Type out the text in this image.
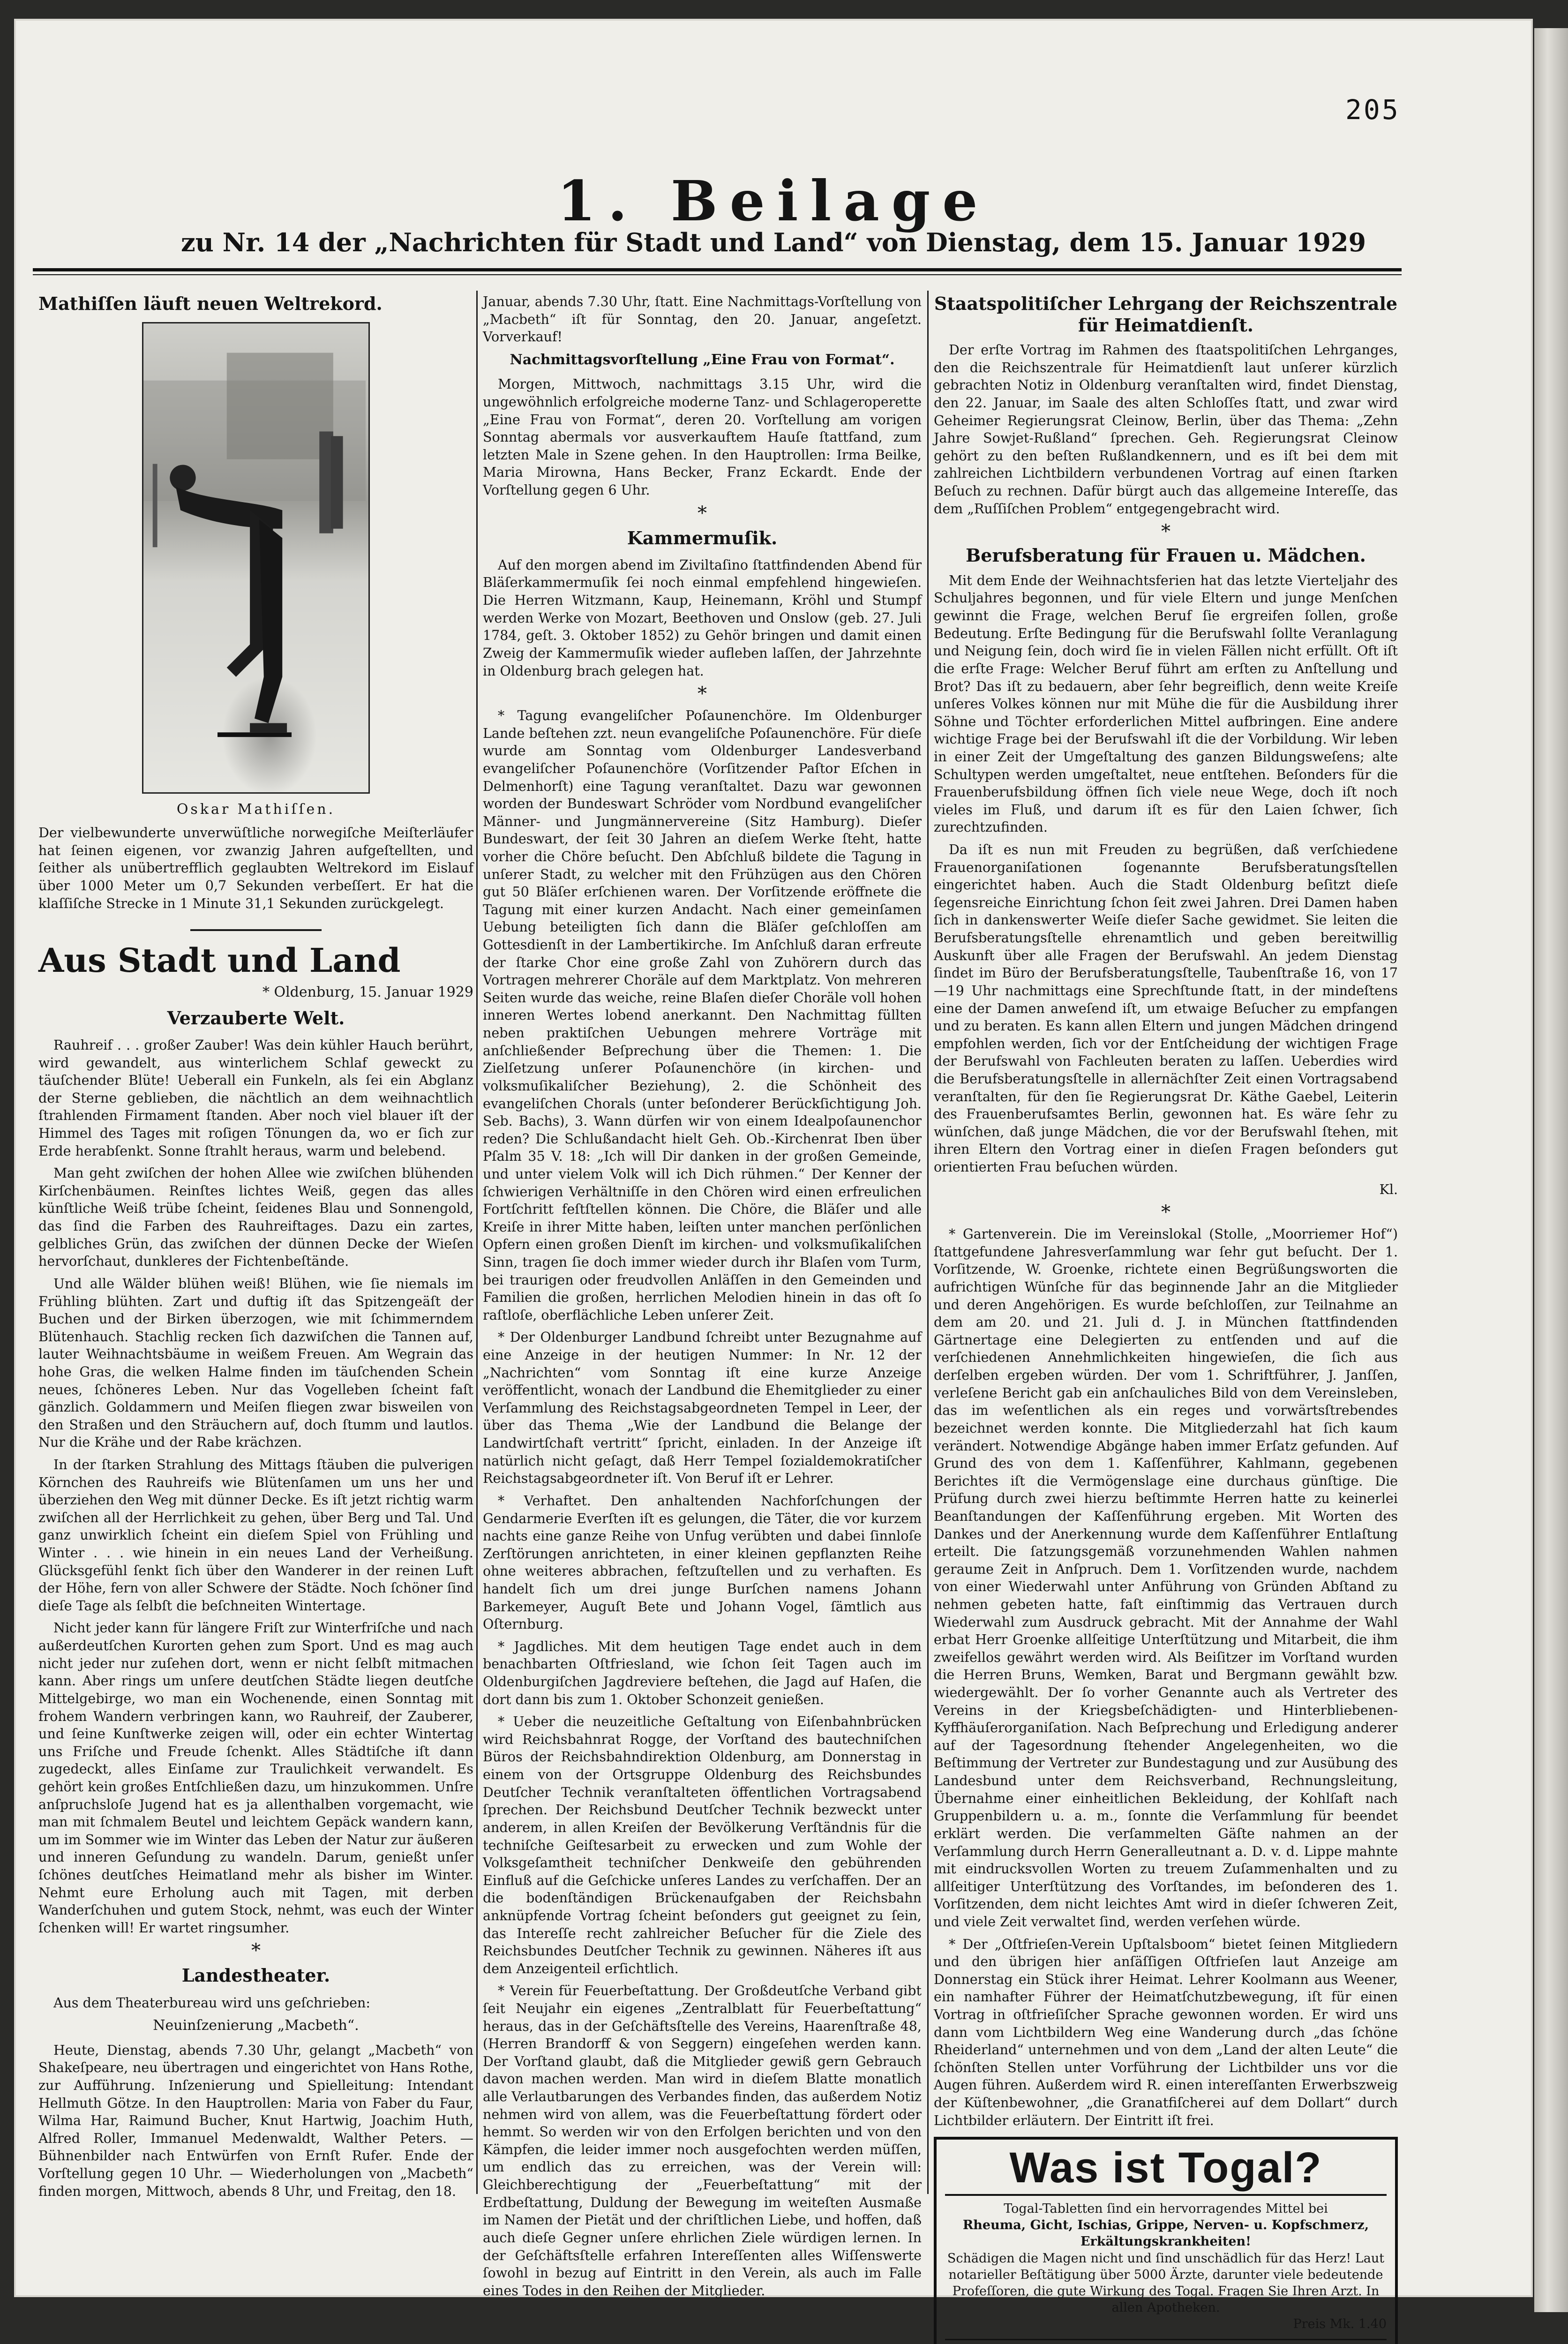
205
1. Beilage
zu Nr. 14 der „Nachrichten für Stadt und Land“ von Dienstag, dem 15. Januar 1929
Mathiſſen läuft neuen Weltrekord.
Oskar Mathiſſen.
Der vielbewunderte unverwüſtliche norwegiſche Meiſterläufer hat ſeinen eigenen, vor zwanzig Jahren aufgeſtellten, und ſeither als unübertrefflich geglaubten Weltrekord im Eislauf über 1000 Meter um 0,7 Sekunden verbeſſert. Er hat die klaſſiſche Strecke in 1 Minute 31,1 Sekunden zurückgelegt.
Aus Stadt und Land
* Oldenburg, 15. Januar 1929
Verzauberte Welt.
Rauhreif . . . großer Zauber! Was dein kühler Hauch berührt, wird gewandelt, aus winterlichem Schlaf geweckt zu täuſchender Blüte! Ueberall ein Funkeln, als ſei ein Abglanz der Sterne geblieben, die nächtlich an dem weihnachtlich ſtrahlenden Firmament ſtanden. Aber noch viel blauer iſt der Himmel des Tages mit roſigen Tönungen da, wo er ſich zur Erde herabſenkt. Sonne ſtrahlt heraus, warm und belebend.
Man geht zwiſchen der hohen Allee wie zwiſchen blühenden Kirſchenbäumen. Reinſtes lichtes Weiß, gegen das alles künſtliche Weiß trübe ſcheint, ſeidenes Blau und Sonnengold, das ſind die Farben des Rauhreiftages. Dazu ein zartes, gelbliches Grün, das zwiſchen der dünnen Decke der Wieſen hervorſchaut, dunkleres der Fichtenbeſtände.
Und alle Wälder blühen weiß! Blühen, wie ſie niemals im Frühling blühten. Zart und duftig iſt das Spitzengeäſt der Buchen und der Birken überzogen, wie mit ſchimmerndem Blütenhauch. Stachlig recken ſich dazwiſchen die Tannen auf, lauter Weihnachtsbäume in weißem Freuen. Am Wegrain das hohe Gras, die welken Halme finden im täuſchenden Schein neues, ſchöneres Leben. Nur das Vogelleben ſcheint faſt gänzlich. Goldammern und Meiſen fliegen zwar bisweilen von den Straßen und den Sträuchern auf, doch ſtumm und lautlos. Nur die Krähe und der Rabe krächzen.
In der ſtarken Strahlung des Mittags ſtäuben die pulverigen Körnchen des Rauhreifs wie Blütenſamen um uns her und überziehen den Weg mit dünner Decke. Es iſt jetzt richtig warm zwiſchen all der Herrlichkeit zu gehen, über Berg und Tal. Und ganz unwirklich ſcheint ein dieſem Spiel von Frühling und Winter . . . wie hinein in ein neues Land der Verheißung. Glücksgefühl ſenkt ſich über den Wanderer in der reinen Luft der Höhe, fern von aller Schwere der Städte. Noch ſchöner ſind dieſe Tage als ſelbſt die beſchneiten Wintertage.
Nicht jeder kann für längere Friſt zur Winterfriſche und nach außerdeutſchen Kurorten gehen zum Sport. Und es mag auch nicht jeder nur zuſehen dort, wenn er nicht ſelbſt mitmachen kann. Aber rings um unſere deutſchen Städte liegen deutſche Mittelgebirge, wo man ein Wochenende, einen Sonntag mit frohem Wandern verbringen kann, wo Rauhreif, der Zauberer, und ſeine Kunſtwerke zeigen will, oder ein echter Wintertag uns Friſche und Freude ſchenkt. Alles Städtiſche iſt dann zugedeckt, alles Einſame zur Traulichkeit verwandelt. Es gehört kein großes Entſchließen dazu, um hinzukommen. Unſre anſpruchsloſe Jugend hat es ja allenthalben vorgemacht, wie man mit ſchmalem Beutel und leichtem Gepäck wandern kann, um im Sommer wie im Winter das Leben der Natur zur äußeren und inneren Geſundung zu wandeln. Darum, genießt unſer ſchönes deutſches Heimatland mehr als bisher im Winter. Nehmt eure Erholung auch mit Tagen, mit derben Wanderſchuhen und gutem Stock, nehmt, was euch der Winter ſchenken will! Er wartet ringsumher.
*
Landestheater.
Aus dem Theaterbureau wird uns geſchrieben:
Neuinſzenierung „Macbeth“.
Heute, Dienstag, abends 7.30 Uhr, gelangt „Macbeth“ von Shakeſpeare, neu übertragen und eingerichtet von Hans Rothe, zur Aufführung. Inſzenierung und Spielleitung: Intendant Hellmuth Götze. In den Hauptrollen: Maria von Faber du Faur, Wilma Har, Raimund Bucher, Knut Hartwig, Joachim Huth, Alfred Roller, Immanuel Medenwaldt, Walther Peters. — Bühnenbilder nach Entwürfen von Ernſt Rufer. Ende der Vorſtellung gegen 10 Uhr. — Wiederholungen von „Macbeth“ finden morgen, Mittwoch, abends 8 Uhr, und Freitag, den 18.
Januar, abends 7.30 Uhr, ſtatt. Eine Nachmittags-Vorſtellung von „Macbeth“ iſt für Sonntag, den 20. Januar, angeſetzt. Vorverkauf!
Nachmittagsvorſtellung „Eine Frau von Format“.
Morgen, Mittwoch, nachmittags 3.15 Uhr, wird die ungewöhnlich erfolgreiche moderne Tanz- und Schlageroperette „Eine Frau von Format“, deren 20. Vorſtellung am vorigen Sonntag abermals vor ausverkauftem Hauſe ſtattfand, zum letzten Male in Szene gehen. In den Hauptrollen: Irma Beilke, Maria Mirowna, Hans Becker, Franz Eckardt. Ende der Vorſtellung gegen 6 Uhr.
*
Kammermuſik.
Auf den morgen abend im Ziviltaſino ſtattfindenden Abend für Bläſerkammermuſik ſei noch einmal empfehlend hingewieſen. Die Herren Witzmann, Kaup, Heinemann, Kröhl und Stumpf werden Werke von Mozart, Beethoven und Onslow (geb. 27. Juli 1784, geſt. 3. Oktober 1852) zu Gehör bringen und damit einen Zweig der Kammermuſik wieder aufleben laſſen, der Jahrzehnte in Oldenburg brach gelegen hat.
*
* Tagung evangeliſcher Poſaunenchöre. Im Oldenburger Lande beſtehen zzt. neun evangeliſche Poſaunenchöre. Für dieſe wurde am Sonntag vom Oldenburger Landesverband evangeliſcher Poſaunenchöre (Vorſitzender Paſtor Eſchen in Delmenhorſt) eine Tagung veranſtaltet. Dazu war gewonnen worden der Bundeswart Schröder vom Nordbund evangeliſcher Männer- und Jungmännervereine (Sitz Hamburg). Dieſer Bundeswart, der ſeit 30 Jahren an dieſem Werke ſteht, hatte vorher die Chöre beſucht. Den Abſchluß bildete die Tagung in unſerer Stadt, zu welcher mit den Frühzügen aus den Chören gut 50 Bläſer erſchienen waren. Der Vorſitzende eröffnete die Tagung mit einer kurzen Andacht. Nach einer gemeinſamen Uebung beteiligten ſich dann die Bläſer geſchloſſen am Gottesdienſt in der Lambertikirche. Im Anſchluß daran erfreute der ſtarke Chor eine große Zahl von Zuhörern durch das Vortragen mehrerer Choräle auf dem Marktplatz. Von mehreren Seiten wurde das weiche, reine Blaſen dieſer Choräle voll hohen inneren Wertes lobend anerkannt. Den Nachmittag füllten neben praktiſchen Uebungen mehrere Vorträge mit anſchließender Beſprechung über die Themen: 1. Die Zielſetzung unſerer Poſaunenchöre (in kirchen- und volksmuſikaliſcher Beziehung), 2. die Schönheit des evangeliſchen Chorals (unter beſonderer Berückſichtigung Joh. Seb. Bachs), 3. Wann dürfen wir von einem Idealpoſaunenchor reden? Die Schlußandacht hielt Geh. Ob.-Kirchenrat Iben über Pſalm 35 V. 18: „Ich will Dir danken in der großen Gemeinde, und unter vielem Volk will ich Dich rühmen.“ Der Kenner der ſchwierigen Verhältniſſe in den Chören wird einen erfreulichen Fortſchritt feſtſtellen können. Die Chöre, die Bläſer und alle Kreiſe in ihrer Mitte haben, leiſten unter manchen perſönlichen Opfern einen großen Dienſt im kirchen- und volksmuſikaliſchen Sinn, tragen ſie doch immer wieder durch ihr Blaſen vom Turm, bei traurigen oder freudvollen Anläſſen in den Gemeinden und Familien die großen, herrlichen Melodien hinein in das oft ſo raſtloſe, oberflächliche Leben unſerer Zeit.
* Der Oldenburger Landbund ſchreibt unter Bezugnahme auf eine Anzeige in der heutigen Nummer: In Nr. 12 der „Nachrichten“ vom Sonntag iſt eine kurze Anzeige veröffentlicht, wonach der Landbund die Ehemitglieder zu einer Verſammlung des Reichstagsabgeordneten Tempel in Leer, der über das Thema „Wie der Landbund die Belange der Landwirtſchaft vertritt“ ſpricht, einladen. In der Anzeige iſt natürlich nicht geſagt, daß Herr Tempel ſozialdemokratiſcher Reichstagsabgeordneter iſt. Von Beruf iſt er Lehrer.
* Verhaftet. Den anhaltenden Nachforſchungen der Gendarmerie Everſten iſt es gelungen, die Täter, die vor kurzem nachts eine ganze Reihe von Unfug verübten und dabei ſinnloſe Zerſtörungen anrichteten, in einer kleinen gepflanzten Reihe ohne weiteres abbrachen, feſtzuſtellen und zu verhaften. Es handelt ſich um drei junge Burſchen namens Johann Barkemeyer, Auguſt Bete und Johann Vogel, ſämtlich aus Oſternburg.
* Jagdliches. Mit dem heutigen Tage endet auch in dem benachbarten Oſtfriesland, wie ſchon ſeit Tagen auch im Oldenburgiſchen Jagdreviere beſtehen, die Jagd auf Haſen, die dort dann bis zum 1. Oktober Schonzeit genießen.
* Ueber die neuzeitliche Geſtaltung von Eiſenbahnbrücken wird Reichsbahnrat Rogge, der Vorſtand des bautechniſchen Büros der Reichsbahndirektion Oldenburg, am Donnerstag in einem von der Ortsgruppe Oldenburg des Reichsbundes Deutſcher Technik veranſtalteten öffentlichen Vortragsabend ſprechen. Der Reichsbund Deutſcher Technik bezweckt unter anderem, in allen Kreiſen der Bevölkerung Verſtändnis für die techniſche Geiſtesarbeit zu erwecken und zum Wohle der Volksgeſamtheit techniſcher Denkweiſe den gebührenden Einfluß auf die Geſchicke unſeres Landes zu verſchaffen. Der an die bodenſtändigen Brückenaufgaben der Reichsbahn anknüpfende Vortrag ſcheint beſonders gut geeignet zu ſein, das Intereſſe recht zahlreicher Beſucher für die Ziele des Reichsbundes Deutſcher Technik zu gewinnen. Näheres iſt aus dem Anzeigenteil erſichtlich.
* Verein für Feuerbeſtattung. Der Großdeutſche Verband gibt ſeit Neujahr ein eigenes „Zentralblatt für Feuerbeſtattung“ heraus, das in der Geſchäftsſtelle des Vereins, Haarenſtraße 48, (Herren Brandorff & von Seggern) eingeſehen werden kann. Der Vorſtand glaubt, daß die Mitglieder gewiß gern Gebrauch davon machen werden. Man wird in dieſem Blatte monatlich alle Verlautbarungen des Verbandes finden, das außerdem Notiz nehmen wird von allem, was die Feuerbeſtattung fördert oder hemmt. So werden wir von den Erfolgen berichten und von den Kämpfen, die leider immer noch ausgefochten werden müſſen, um endlich das zu erreichen, was der Verein will: Gleichberechtigung der „Feuerbeſtattung“ mit der Erdbeſtattung, Duldung der Bewegung im weiteſten Ausmaße im Namen der Pietät und der chriſtlichen Liebe, und hoffen, daß auch dieſe Gegner unſere ehrlichen Ziele würdigen lernen. In der Geſchäftsſtelle erfahren Intereſſenten alles Wiſſenswerte ſowohl in bezug auf Eintritt in den Verein, als auch im Falle eines Todes in den Reihen der Mitglieder.
Staatspolitiſcher Lehrgang der Reichszentrale für Heimatdienſt.
Der erſte Vortrag im Rahmen des ſtaatspolitiſchen Lehrganges, den die Reichszentrale für Heimatdienſt laut unſerer kürzlich gebrachten Notiz in Oldenburg veranſtalten wird, findet Dienstag, den 22. Januar, im Saale des alten Schloſſes ſtatt, und zwar wird Geheimer Regierungsrat Cleinow, Berlin, über das Thema: „Zehn Jahre Sowjet-Rußland“ ſprechen. Geh. Regierungsrat Cleinow gehört zu den beſten Rußlandkennern, und es iſt bei dem mit zahlreichen Lichtbildern verbundenen Vortrag auf einen ſtarken Beſuch zu rechnen. Dafür bürgt auch das allgemeine Intereſſe, das dem „Ruſſiſchen Problem“ entgegengebracht wird.
*
Berufsberatung für Frauen u. Mädchen.
Mit dem Ende der Weihnachtsferien hat das letzte Vierteljahr des Schuljahres begonnen, und für viele Eltern und junge Menſchen gewinnt die Frage, welchen Beruf ſie ergreifen ſollen, große Bedeutung. Erſte Bedingung für die Berufswahl ſollte Veranlagung und Neigung ſein, doch wird ſie in vielen Fällen nicht erfüllt. Oft iſt die erſte Frage: Welcher Beruf führt am erſten zu Anſtellung und Brot? Das iſt zu bedauern, aber ſehr begreiflich, denn weite Kreiſe unſeres Volkes können nur mit Mühe die für die Ausbildung ihrer Söhne und Töchter erforderlichen Mittel aufbringen. Eine andere wichtige Frage bei der Berufswahl iſt die der Vorbildung. Wir leben in einer Zeit der Umgeſtaltung des ganzen Bildungsweſens; alte Schultypen werden umgeſtaltet, neue entſtehen. Beſonders für die Frauenberufsbildung öffnen ſich viele neue Wege, doch iſt noch vieles im Fluß, und darum iſt es für den Laien ſchwer, ſich zurechtzufinden.
Da iſt es nun mit Freuden zu begrüßen, daß verſchiedene Frauenorganiſationen ſogenannte Berufsberatungsſtellen eingerichtet haben. Auch die Stadt Oldenburg beſitzt dieſe ſegensreiche Einrichtung ſchon ſeit zwei Jahren. Drei Damen haben ſich in dankenswerter Weiſe dieſer Sache gewidmet. Sie leiten die Berufsberatungsſtelle ehrenamtlich und geben bereitwillig Auskunft über alle Fragen der Berufswahl. An jedem Dienstag ſindet im Büro der Berufsberatungsſtelle, Taubenſtraße 16, von 17—19 Uhr nachmittags eine Sprechſtunde ſtatt, in der mindeſtens eine der Damen anweſend iſt, um etwaige Beſucher zu empfangen und zu beraten. Es kann allen Eltern und jungen Mädchen dringend empfohlen werden, ſich vor der Entſcheidung der wichtigen Frage der Berufswahl von Fachleuten beraten zu laſſen. Ueberdies wird die Berufsberatungsſtelle in allernächſter Zeit einen Vortragsabend veranſtalten, für den ſie Regierungsrat Dr. Käthe Gaebel, Leiterin des Frauenberufsamtes Berlin, gewonnen hat. Es wäre ſehr zu wünſchen, daß junge Mädchen, die vor der Berufswahl ſtehen, mit ihren Eltern den Vortrag einer in dieſen Fragen beſonders gut orientierten Frau beſuchen würden.
Kl.
*
* Gartenverein. Die im Vereinslokal (Stolle, „Moorriemer Hof“) ſtattgefundene Jahresverſammlung war ſehr gut beſucht. Der 1. Vorſitzende, W. Groenke, richtete einen Begrüßungsworten die aufrichtigen Wünſche für das beginnende Jahr an die Mitglieder und deren Angehörigen. Es wurde beſchloſſen, zur Teilnahme an dem am 20. und 21. Juli d. J. in München ſtattfindenden Gärtnertage eine Delegierten zu entſenden und auf die verſchiedenen Annehmlichkeiten hingewieſen, die ſich aus derſelben ergeben würden. Der vom 1. Schriftführer, J. Janſſen, verleſene Bericht gab ein anſchauliches Bild von dem Vereinsleben, das im weſentlichen als ein reges und vorwärtsſtrebendes bezeichnet werden konnte. Die Mitgliederzahl hat ſich kaum verändert. Notwendige Abgänge haben immer Erſatz gefunden. Auf Grund des von dem 1. Kaſſenführer, Kahlmann, gegebenen Berichtes iſt die Vermögenslage eine durchaus günſtige. Die Prüfung durch zwei hierzu beſtimmte Herren hatte zu keinerlei Beanſtandungen der Kaſſenführung ergeben. Mit Worten des Dankes und der Anerkennung wurde dem Kaſſenführer Entlaſtung erteilt. Die ſatzungsgemäß vorzunehmenden Wahlen nahmen geraume Zeit in Anſpruch. Dem 1. Vorſitzenden wurde, nachdem von einer Wiederwahl unter Anführung von Gründen Abſtand zu nehmen gebeten hatte, faſt einſtimmig das Vertrauen durch Wiederwahl zum Ausdruck gebracht. Mit der Annahme der Wahl erbat Herr Groenke allſeitige Unterſtützung und Mitarbeit, die ihm zweifellos gewährt werden wird. Als Beiſitzer im Vorſtand wurden die Herren Bruns, Wemken, Barat und Bergmann gewählt bzw. wiedergewählt. Der ſo vorher Genannte auch als Vertreter des Vereins in der Kriegsbeſchädigten- und Hinterbliebenen-Kyffhäuſerorganiſation. Nach Beſprechung und Erledigung anderer auf der Tagesordnung ſtehender Angelegenheiten, wo die Beſtimmung der Vertreter zur Bundestagung und zur Ausübung des Landesbund unter dem Reichsverband, Rechnungsleitung, Übernahme einer einheitlichen Bekleidung, der Kohlſaft nach Gruppenbildern u. a. m., ſonnte die Verſammlung für beendet erklärt werden. Die verſammelten Gäſte nahmen an der Verſammlung durch Herrn Generalleutnant a. D. v. d. Lippe mahnte mit eindrucksvollen Worten zu treuem Zuſammenhalten und zu allſeitiger Unterſtützung des Vorſtandes, im beſonderen des 1. Vorſitzenden, dem nicht leichtes Amt wird in dieſer ſchweren Zeit, und viele Zeit verwaltet ſind, werden verſehen würde.
* Der „Oſtfrieſen-Verein Upſtalsboom“ bietet ſeinen Mitgliedern und den übrigen hier anſäſſigen Oſtfrieſen laut Anzeige am Donnerstag ein Stück ihrer Heimat. Lehrer Koolmann aus Weener, ein namhafter Führer der Heimatſchutzbewegung, iſt für einen Vortrag in oſtfrieſiſcher Sprache gewonnen worden. Er wird uns dann vom Lichtbildern Weg eine Wanderung durch „das ſchöne Rheiderland“ unternehmen und von dem „Land der alten Leute“ die ſchönſten Stellen unter Vorführung der Lichtbilder uns vor die Augen führen. Außerdem wird R. einen intereſſanten Erwerbszweig der Küſtenbewohner, „die Granatfiſcherei auf dem Dollart“ durch Lichtbilder erläutern. Der Eintritt iſt frei.
Was ist Togal?

Togal-Tabletten ſind ein hervorragendes Mittel bei

Rheuma, Gicht, Ischias, Grippe, Nerven- u. Kopfschmerz, Erkältungskrankheiten!

Schädigen die Magen nicht und ſind unschädlich für das Herz! Laut notarieller Beſtätigung über 5000 Ärzte, darunter viele bedeutende Profeſſoren, die gute Wirkung des Togal. Fragen Sie Ihren Arzt. In allen Apotheken.

Preis Mk. 1.40
